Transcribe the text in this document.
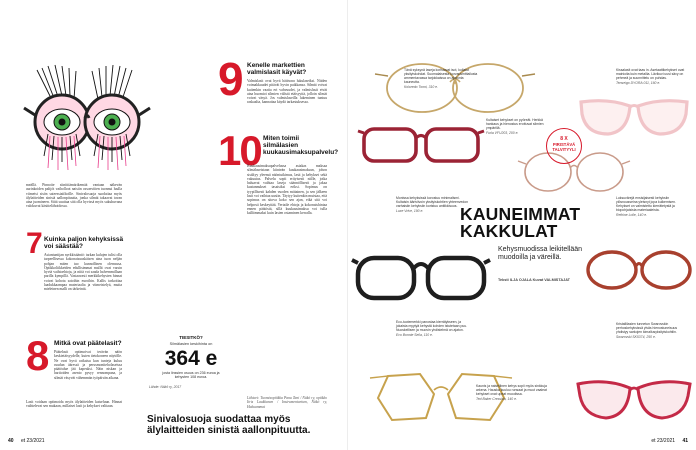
meällä. Pinnoite siinittiämärikemää vantaan näkevän aurinkoiden paltjöt vaiholloot naisiin ossonviiten tuonnui luulla viimeisi sisön sateessiaiiltoille. Sinivalosuoja suodattaa myös älylaitteiden sinistä aallonpituutta, jonka silmät takaavat tavan aina juomineen. Siitä suuttua sitä olla hyvissä myös sukuhuvana valokuvat käsittelähoidossa.
7 Kuinka paljon kehyksissä voi säästää?
Asiantuntijan nyrkkisääntö: tarkan kulujen tulisi olla tarpeellisessa kokonaisuuskäisen aina tuon neljän pohjan miten tuo kunnollinen olemassa. Optikkoliikkeiden edullisimmat mallit ovat varsin hyviä vaihtoehtoja, ja niitä voi saada halvemmillaan parilla kympillä. Vastaavasti merkkikehysten hinnat voivat kohota satoihin euroihin. Kallis tarkoittaa laadukkaampaa materiaalia ja viimeistelyä, mutta mieleinen malli on tärkeintä.
8 Mitkä ovat päätelasit?
Päätelasit optimoivat terävän näön keskietäisyydelle, kuten tietokoneen näytölle. Ne ovat hyvä ratkaisu kun tunteja kuluu ruudun ääressä ja perusmoniteholaseissa päätöalue jää kapeaksi. Näin niskan ja hartioiden asento pysyy rennompana, ja silmät väsyvät vähemmän työpäivän aikana.
Lasit voidaan optimoida myös älylaitteiden katseluun. Hinnat vaihtelevat sen mukaan, millaiset lasit ja kehykset valitaan.
9 Kenelle markettien valmislasit käyvät?
Valmislasit ovat hyvä hätävara lukulaseiksi. Niiden voimakkuudet pitävät hyvin paikkansa. Silmät voivat kuitenkin vaatia eri vahvuudet, ja valmislasit eivät aina huomioi silmien välistä etäisyyttä, jolloin silmät voivat väsyä. Jos valmislaseilla lukeminen tuntuu raskaalta, kannattaa käydä tarkastuksessa.
10 Miten toimii silmälasien kuukausimaksupalvelu?
Kuukausimaksupalvelussa asiakas maksaa silmälaseistaan kiinteän kuukausimaksun, johon sisältyy yleensä näöntutkimus, lasit ja kehykset sekä vakuutus. Palvelu sopii erityisesti niille, jotka haluavat vaihtaa laseja säännöllisesti ja jakaa kustannukset tasaisiksi eriksi. Sopimus on tyypillisesti kahden vuoden mittainen, ja sen jälkeen lasit voi vaihtaa uusiin. Täytyy kuitenkin muistaa, että sopimus on sitova koko sen ajan, eikä sitä voi helposti keskeyttää. Vertaile ehtoja ja kokonaishintaa ennen päätöstä, sillä kuukausimaksu voi tulla kalliimmaksi kuin lasien ostaminen kerralla.
TIESITKÖ?
Silmälasien keskihinta on
364 e
josta linssien osuus on 236 euroa ja kehysten 108 euroa.
Lähde: Näkö ry, 2017
Lähteet: Tuomisoptiikka Panu Tani / Näkö ry, optikko Iiris Laukkanen / Instrumentarium, Näkö ry, Hakuammat
Sinivalosuoja suodattaa myös älylaitteiden sinistä aallonpituutta.
40 et 23/2021
Tänä syksynä laseja koristavat isot, kullatut yksityiskohdat. Suomalaisesta korvausmittailusta ammentavassa tarjokkaissa on ajatonta kauneutta.
Koloredo Tonni, 310 e.
Kissalasit ovat taas in. Asetaattikehykset ovat mainioita kuin metallia. Lävikuvi uusi sävy on pehmeä ja suunnittelu on puhdas.
Tenseigo DYORA 011, 160 e.
Kultaiset kehykset on pyöreät. Herkkä hankaus ja hienostus erottuvat silmien ympärillä.
Furla VFU203, 200 e.
Monissa kehyksissä korostuu minimalismi. Kultaisin ääriviivoin yksityiskohtien yhteenvedon varhaisiin kehyksiin koristuu antiikkisuus.
Luxe Vrive, 190 e.
Luksuvärejä ensisijaisesti kehyksiin ylösnousseina yleisnyt jopa kulkemisen. Kehykset on valmistettu kierrätetystä ja biopohjaisista materiaaleista.
Rethine Lolle, 140 e.
Eco-tuotemerkki panostaa kierrätykseen, ja jokaista myytyä kehystä kohden istutetaan puu. Nuoskellisen ja muovin yhdistelmä on ajaton.
Eco Bonnie Seila, 110 e.
Kristallilasien tunnetun Swarovskin perhoskehyksissä ylväs hienostuneisuus yhdistyy sarkojen kimallusyksityiskohtiin.
Swarovski SK5374, 250 e.
Kaunis ja naisellinen kehys sopii myös sinkkuja arkena. Hauska kuuluu runsaat ja muut vaaleat kehykset ovat upeat muodissa.
Ted Baker Cressida, 140 e.
8 X
PIRISTÄVÄ
TALVITYYLI
KAUNEIMMAT
KAKKULAT
Kehysmuodissa leikitellään muodoilla ja väreillä.
Teksti ILJA OJALA Kuvat VALMISTAJAT
et 23/2021 41
